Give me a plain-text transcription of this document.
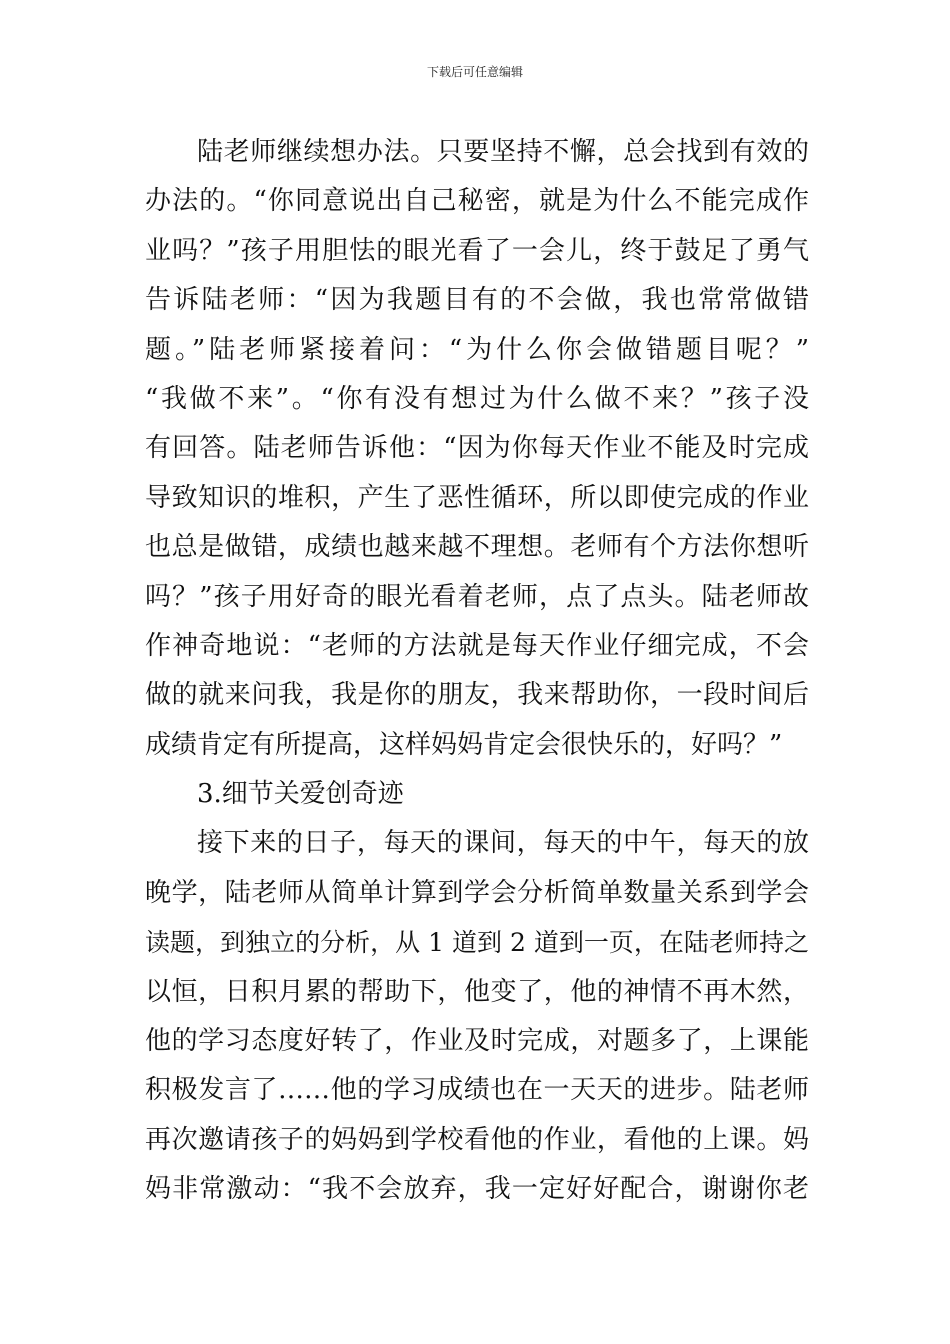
下载后可任意编辑
陆老师继续想办法。只要坚持不懈，总会找到有效的
办法的。“你同意说出自己秘密，就是为什么不能完成作
业吗？”孩子用胆怯的眼光看了一会儿，终于鼓足了勇气
告诉陆老师：“因为我题目有的不会做，我也常常做错
题。”陆老师紧接着问：“为什么你会做错题目呢？”
“我做不来”。“你有没有想过为什么做不来？”孩子没
有回答。陆老师告诉他：“因为你每天作业不能及时完成
导致知识的堆积，产生了恶性循环，所以即使完成的作业
也总是做错，成绩也越来越不理想。老师有个方法你想听
吗？”孩子用好奇的眼光看着老师，点了点头。陆老师故
作神奇地说：“老师的方法就是每天作业仔细完成，不会
做的就来问我，我是你的朋友，我来帮助你，一段时间后
成绩肯定有所提高，这样妈妈肯定会很快乐的，好吗？”
3.细节关爱创奇迹
接下来的日子，每天的课间，每天的中午，每天的放
晚学，陆老师从简单计算到学会分析简单数量关系到学会
读题，到独立的分析，从 1 道到 2 道到一页，在陆老师持之
以恒，日积月累的帮助下，他变了，他的神情不再木然，
他的学习态度好转了，作业及时完成，对题多了，上课能
积极发言了……他的学习成绩也在一天天的进步。陆老师
再次邀请孩子的妈妈到学校看他的作业，看他的上课。妈
妈非常激动：“我不会放弃，我一定好好配合，谢谢你老
